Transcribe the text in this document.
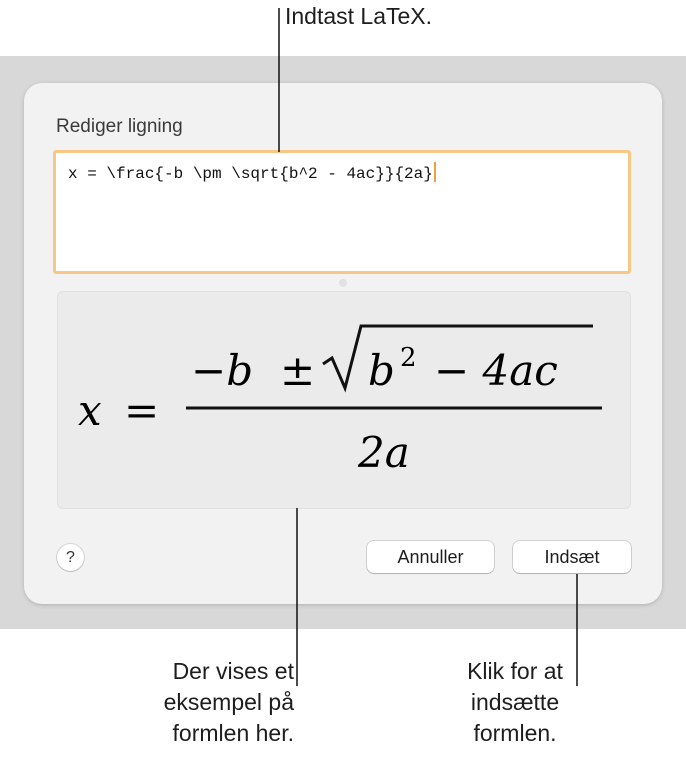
Rediger ligning
x = \frac{-b \pm \sqrt{b^2 - 4ac}}{2a}
x =
−b ± b 2 − 4ac
2a
?	Annuller	Indsæt
Indtast LaTeX.
Der vises et
eksempel på
formlen her.
Klik for at
indsætte
formlen.
